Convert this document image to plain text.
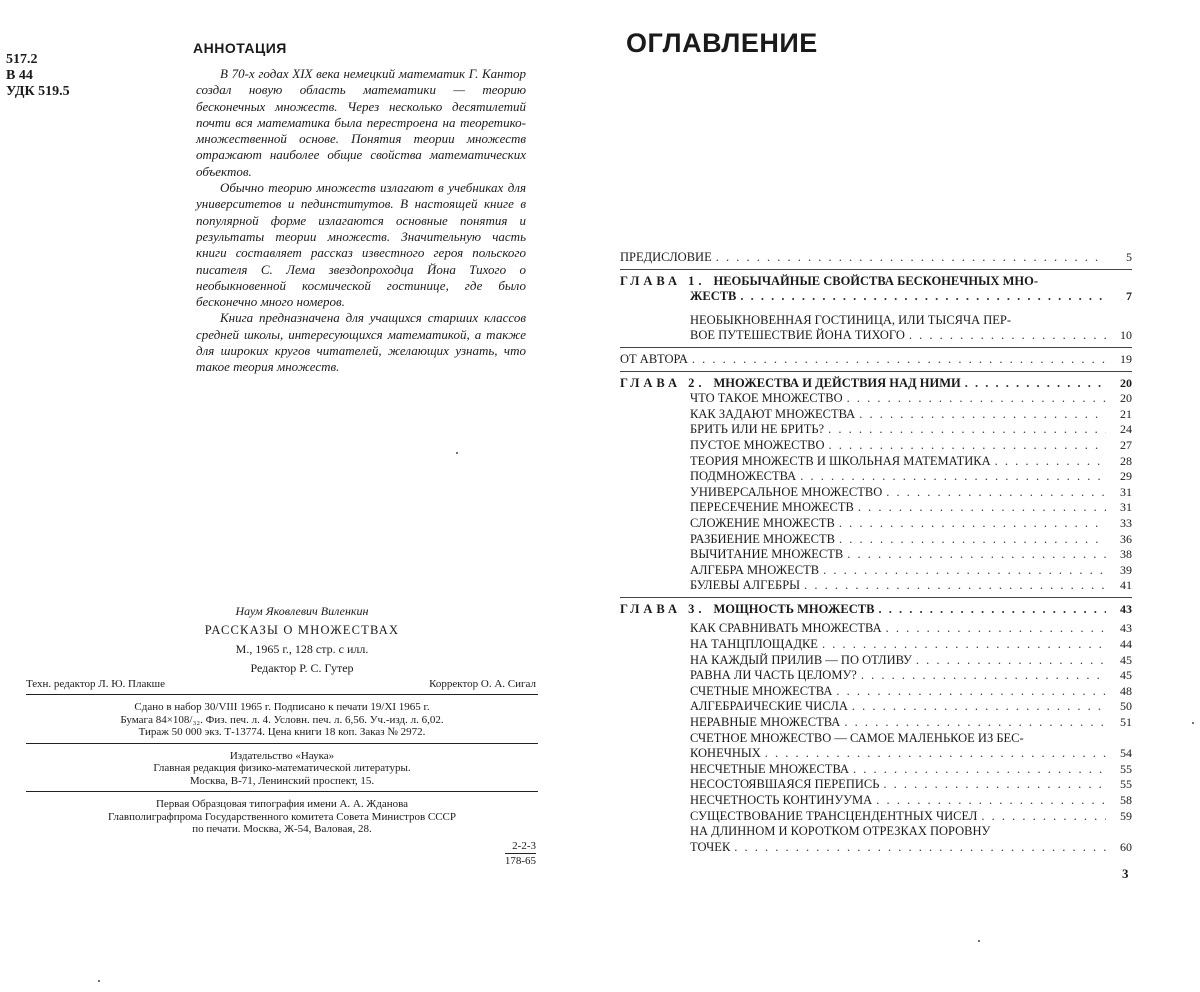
517.2
В 44
УДК 519.5
АННОТАЦИЯ

В 70-х годах XIX века немецкий математик Г. Кантор создал новую область математики — теорию бесконечных множеств. Через несколько десятилетий почти вся математика была перестроена на теоретико-множественной основе. Понятия теории множеств отражают наиболее общие свойства математических объектов.

Обычно теорию множеств излагают в учебниках для университетов и пединститутов. В настоящей книге в популярной форме излагаются основные понятия и результаты теории множеств. Значительную часть книги составляет рассказ известного героя польского писателя С. Лема звездопроходца Йона Тихого о необыкновенной космической гостинице, где было бесконечно много номеров.

Книга предназначена для учащихся старших классов средней школы, интересующихся математикой, а также для широких кругов читателей, желающих узнать, что такое теория множеств.

Наум Яковлевич Виленкин
РАССКАЗЫ О МНОЖЕСТВАХ
М., 1965 г., 128 стр. с илл.
Редактор Р. С. Гутер
Техн. редактор Л. Ю. Плакше	Корректор О. А. Сигал
Сдано в набор 30/VIII 1965 г. Подписано к печати 19/XI 1965 г.
Бумага 84×108/₃₂. Физ. печ. л. 4. Условн. печ. л. 6,56. Уч.-изд. л. 6,02.
Тираж 50 000 экз. Т-13774. Цена книги 18 коп. Заказ № 2972.
Издательство «Наука»
Главная редакция физико-математической литературы.
Москва, В-71, Ленинский проспект, 15.
Первая Образцовая типография имени А. А. Жданова
Главполиграфпрома Государственного комитета Совета Министров СССР
по печати. Москва, Ж-54, Валовая, 28.
2-2-3
178-65
ОГЛАВЛЕНИЕ
ПРЕДИСЛОВИЕ . . .	5
ГЛАВА 1. НЕОБЫЧАЙНЫЕ СВОЙСТВА БЕСКОНЕЧНЫХ МНО-
ЖЕСТВ . . .	7
НЕОБЫКНОВЕННАЯ ГОСТИНИЦА, ИЛИ ТЫСЯЧА ПЕР-
ВОЕ ПУТЕШЕСТВИЕ ЙОНА ТИХОГО . . .	10
ОТ АВТОРА . . .	19
ГЛАВА 2. МНОЖЕСТВА И ДЕЙСТВИЯ НАД НИМИ . . .	20
ЧТО ТАКОЕ МНОЖЕСТВО . . .	20
КАК ЗАДАЮТ МНОЖЕСТВА . . .	21
БРИТЬ ИЛИ НЕ БРИТЬ? . . .	24
ПУСТОЕ МНОЖЕСТВО . . .	27
ТЕОРИЯ МНОЖЕСТВ И ШКОЛЬНАЯ МАТЕМАТИКА . . .	28
ПОДМНОЖЕСТВА . . .	29
УНИВЕРСАЛЬНОЕ МНОЖЕСТВО . . .	31
ПЕРЕСЕЧЕНИЕ МНОЖЕСТВ . . .	31
СЛОЖЕНИЕ МНОЖЕСТВ . . .	33
РАЗБИЕНИЕ МНОЖЕСТВ . . .	36
ВЫЧИТАНИЕ МНОЖЕСТВ . . .	38
АЛГЕБРА МНОЖЕСТВ . . .	39
БУЛЕВЫ АЛГЕБРЫ . . .	41
ГЛАВА 3. МОЩНОСТЬ МНОЖЕСТВ . . .	43
КАК СРАВНИВАТЬ МНОЖЕСТВА . . .	43
НА ТАНЦПЛОЩАДКЕ . . .	44
НА КАЖДЫЙ ПРИЛИВ — ПО ОТЛИВУ . . .	45
РАВНА ЛИ ЧАСТЬ ЦЕЛОМУ? . . .	45
СЧЕТНЫЕ МНОЖЕСТВА . . .	48
АЛГЕБРАИЧЕСКИЕ ЧИСЛА . . .	50
НЕРАВНЫЕ МНОЖЕСТВА . . .	51
СЧЕТНОЕ МНОЖЕСТВО — САМОЕ МАЛЕНЬКОЕ ИЗ БЕС-
КОНЕЧНЫХ . . .	54
НЕСЧЕТНЫЕ МНОЖЕСТВА . . .	55
НЕСОСТОЯВШАЯСЯ ПЕРЕПИСЬ . . .	55
НЕСЧЕТНОСТЬ КОНТИНУУМА . . .	58
СУЩЕСТВОВАНИЕ ТРАНСЦЕНДЕНТНЫХ ЧИСЕЛ . . .	59
НА ДЛИННОМ И КОРОТКОМ ОТРЕЗКАХ ПОРОВНУ
ТОЧЕК . . .	60
3
